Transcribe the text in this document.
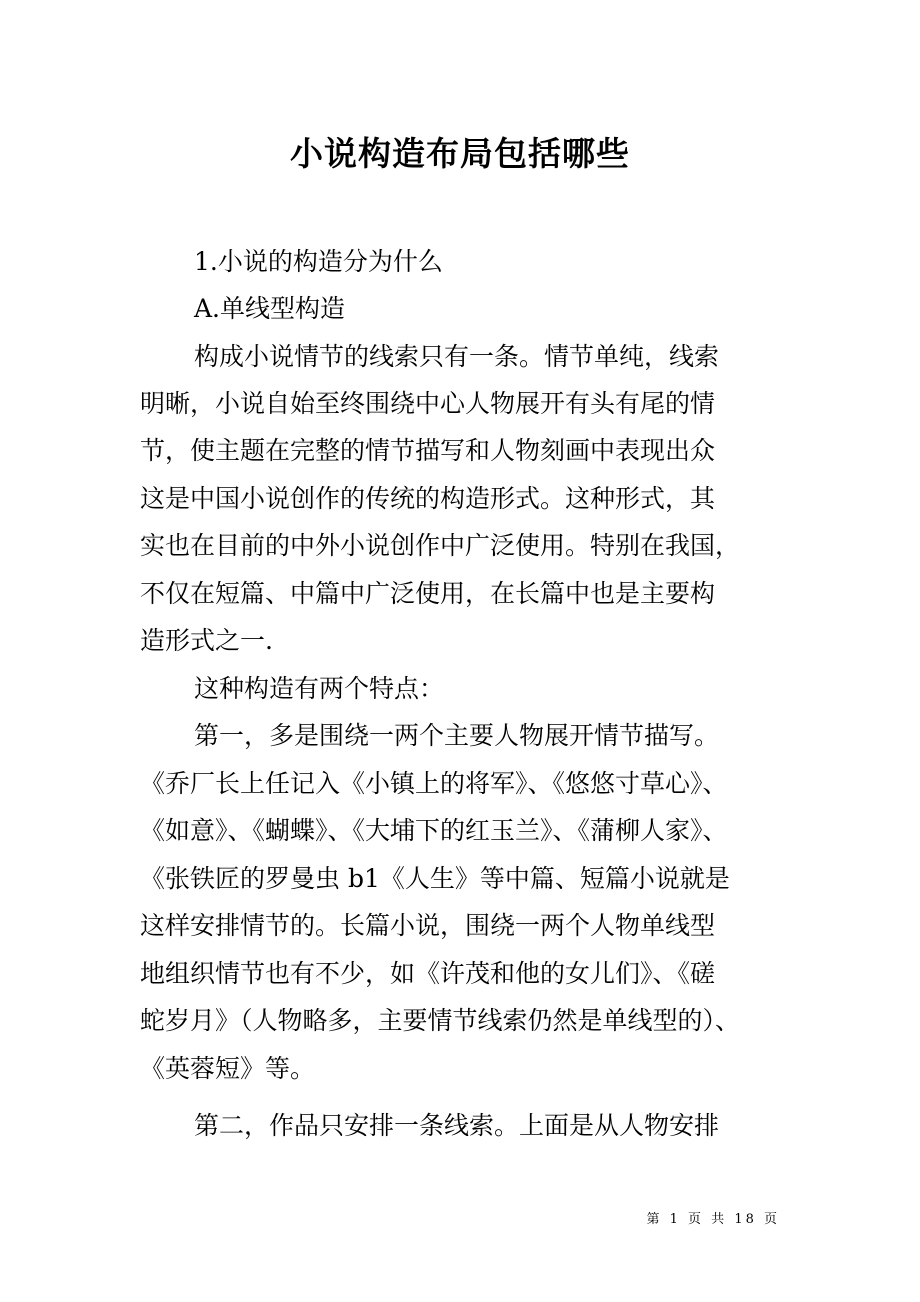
小说构造布局包括哪些

1.小说的构造分为什么

A.单线型构造

构成小说情节的线索只有一条。情节单纯，线索

明晰，小说自始至终围绕中心人物展开有头有尾的情

节，使主题在完整的情节描写和人物刻画中表现出众

这是中国小说创作的传统的构造形式。这种形式，其

实也在目前的中外小说创作中广泛使用。特别在我国，

不仅在短篇、中篇中广泛使用，在长篇中也是主要构

造形式之一.

这种构造有两个特点：

第一，多是围绕一两个主要人物展开情节描写。

《乔厂长上任记入《小镇上的将军》、《悠悠寸草心》、

《如意》、《蝴蝶》、《大埔下的红玉兰》、《蒲柳人家》、

《张铁匠的罗曼虫 b1《人生》等中篇、短篇小说就是

这样安排情节的。长篇小说，围绕一两个人物单线型

地组织情节也有不少，如《许茂和他的女儿们》、《磋

蛇岁月》（人物略多，主要情节线索仍然是单线型的）、

《英蓉短》等。

第二，作品只安排一条线索。上面是从人物安排

第 1 页 共 18 页
